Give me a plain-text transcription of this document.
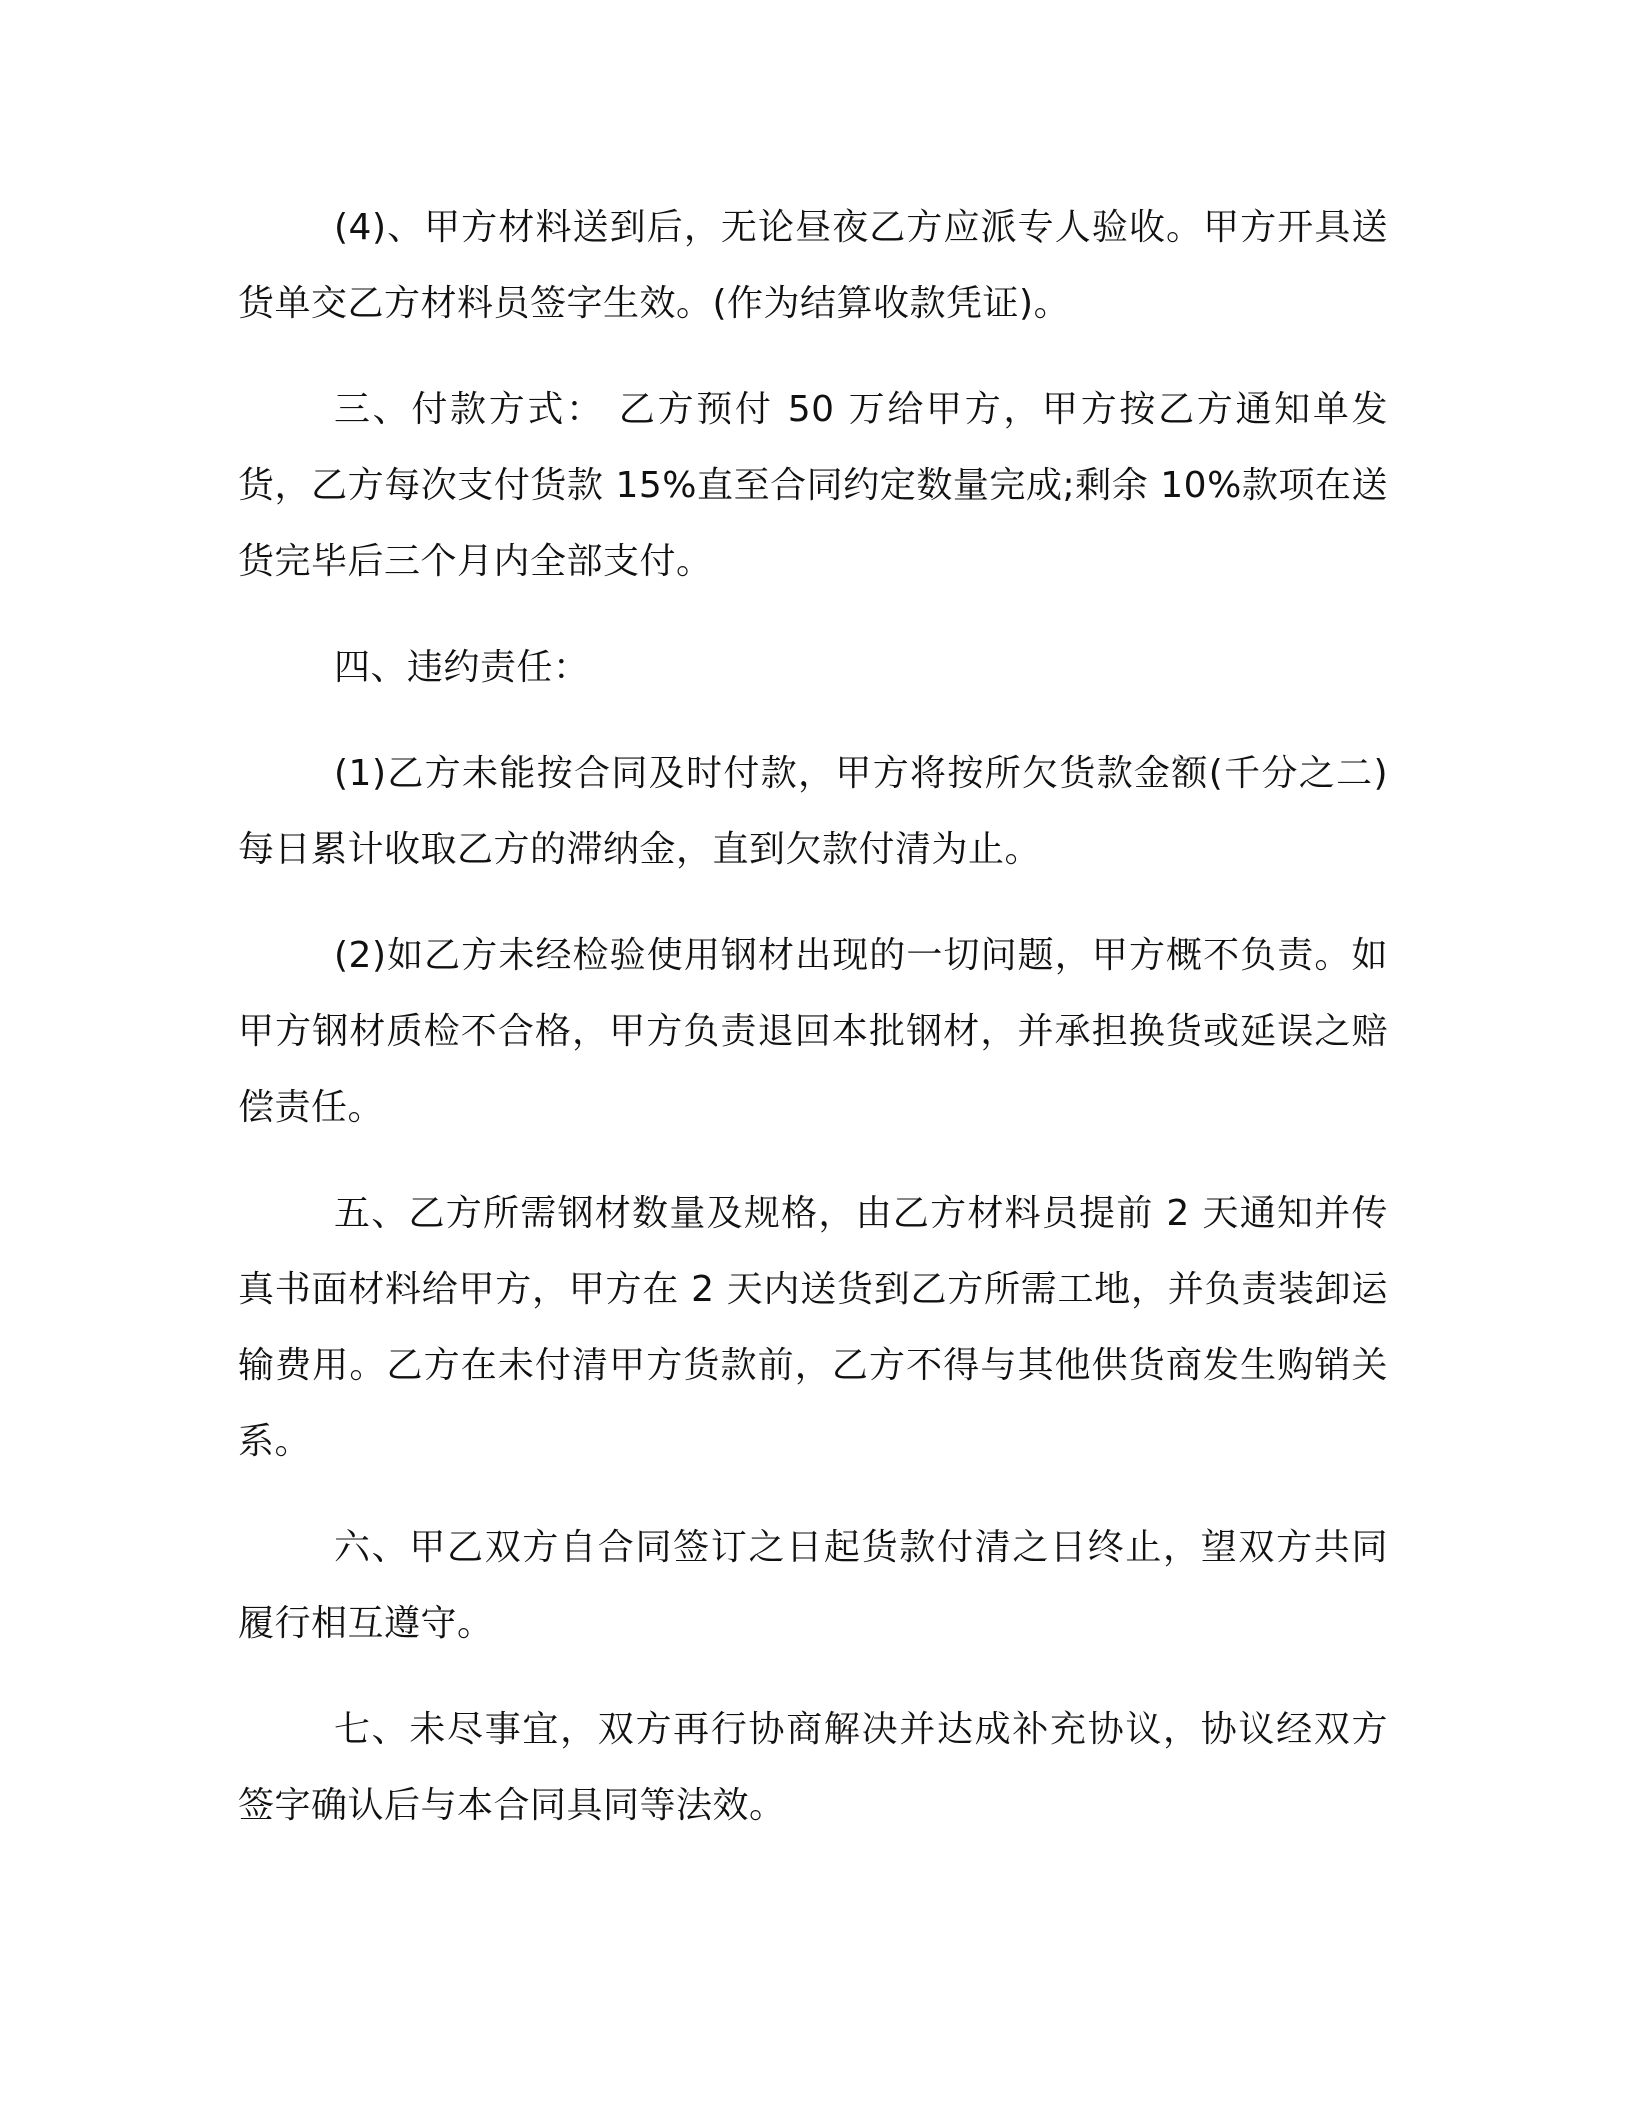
(4)、甲方材料送到后，无论昼夜乙方应派专人验收。甲方开具送货单交乙方材料员签字生效。(作为结算收款凭证)。

三、付款方式： 乙方预付 50 万给甲方，甲方按乙方通知单发货，乙方每次支付货款 15%直至合同约定数量完成;剩余 10%款项在送货完毕后三个月内全部支付。

四、违约责任：

(1)乙方未能按合同及时付款，甲方将按所欠货款金额(千分之二)每日累计收取乙方的滞纳金，直到欠款付清为止。

(2)如乙方未经检验使用钢材出现的一切问题，甲方概不负责。如甲方钢材质检不合格，甲方负责退回本批钢材，并承担换货或延误之赔偿责任。

五、乙方所需钢材数量及规格，由乙方材料员提前 2 天通知并传真书面材料给甲方，甲方在 2 天内送货到乙方所需工地，并负责装卸运输费用。乙方在未付清甲方货款前，乙方不得与其他供货商发生购销关系。

六、甲乙双方自合同签订之日起货款付清之日终止，望双方共同履行相互遵守。

七、未尽事宜，双方再行协商解决并达成补充协议，协议经双方签字确认后与本合同具同等法效。
